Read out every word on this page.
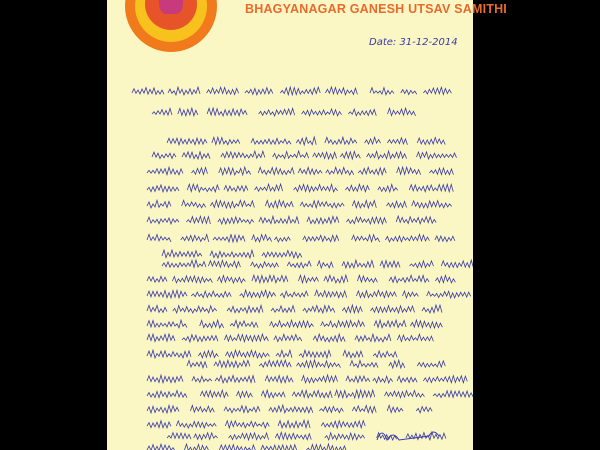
BHAGYANAGAR GANESH UTSAV SAMITHI
Date: 31-12-2014
